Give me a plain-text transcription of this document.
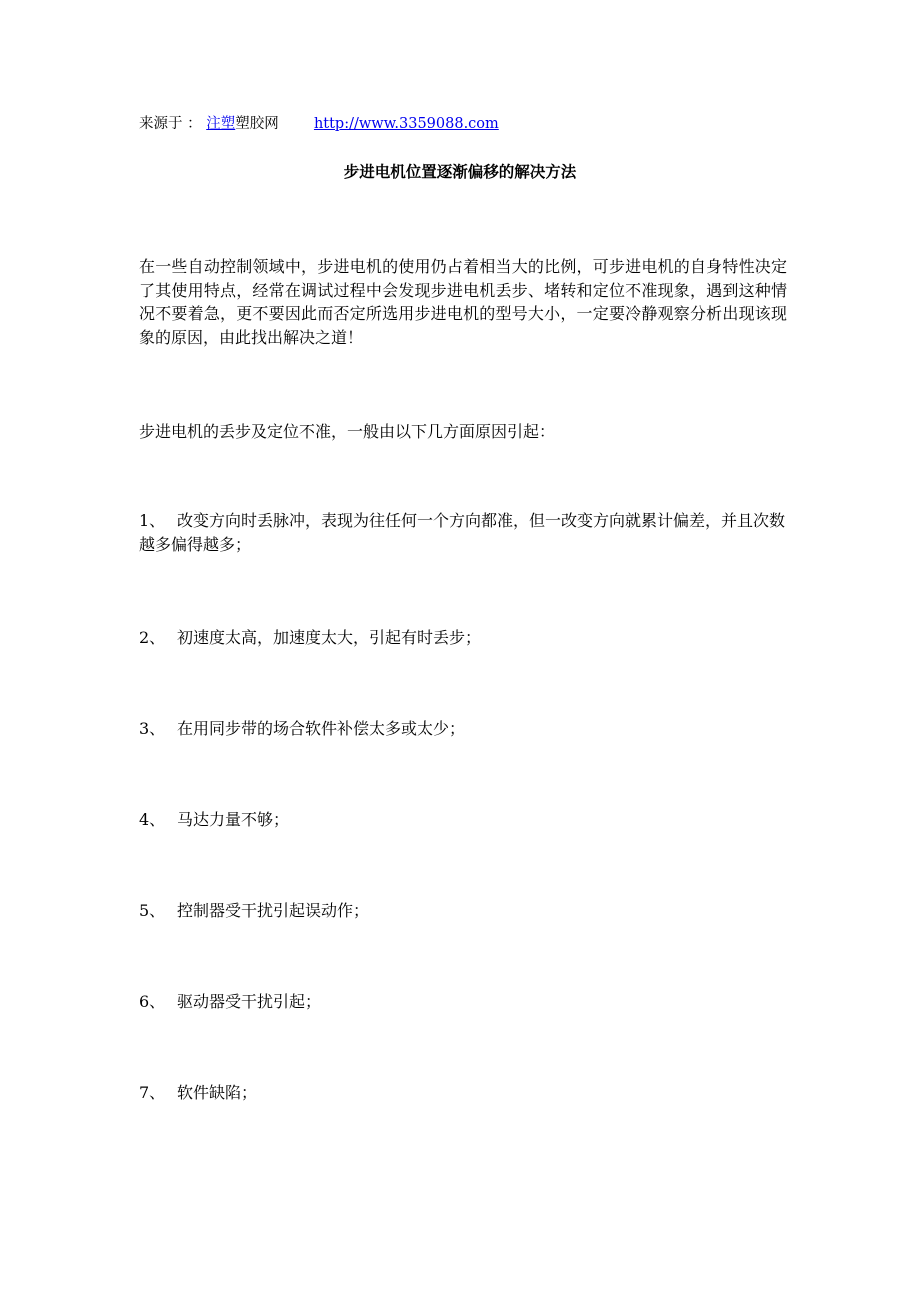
来源于 ： 注塑塑胶网 http://www.3359088.com
步进电机位置逐渐偏移的解决方法
在一些自动控制领域中，步进电机的使用仍占着相当大的比例，可步进电机的自身特性决定了其使用特点，经常在调试过程中会发现步进电机丢步、堵转和定位不准现象，遇到这种情况不要着急，更不要因此而否定所选用步进电机的型号大小，一定要冷静观察分析出现该现象的原因，由此找出解决之道！
步进电机的丢步及定位不准，一般由以下几方面原因引起：
1、 改变方向时丢脉冲，表现为往任何一个方向都准，但一改变方向就累计偏差，并且次数越多偏得越多；
2、 初速度太高，加速度太大，引起有时丢步；
3、 在用同步带的场合软件补偿太多或太少；
4、 马达力量不够；
5、 控制器受干扰引起误动作；
6、 驱动器受干扰引起；
7、 软件缺陷；
